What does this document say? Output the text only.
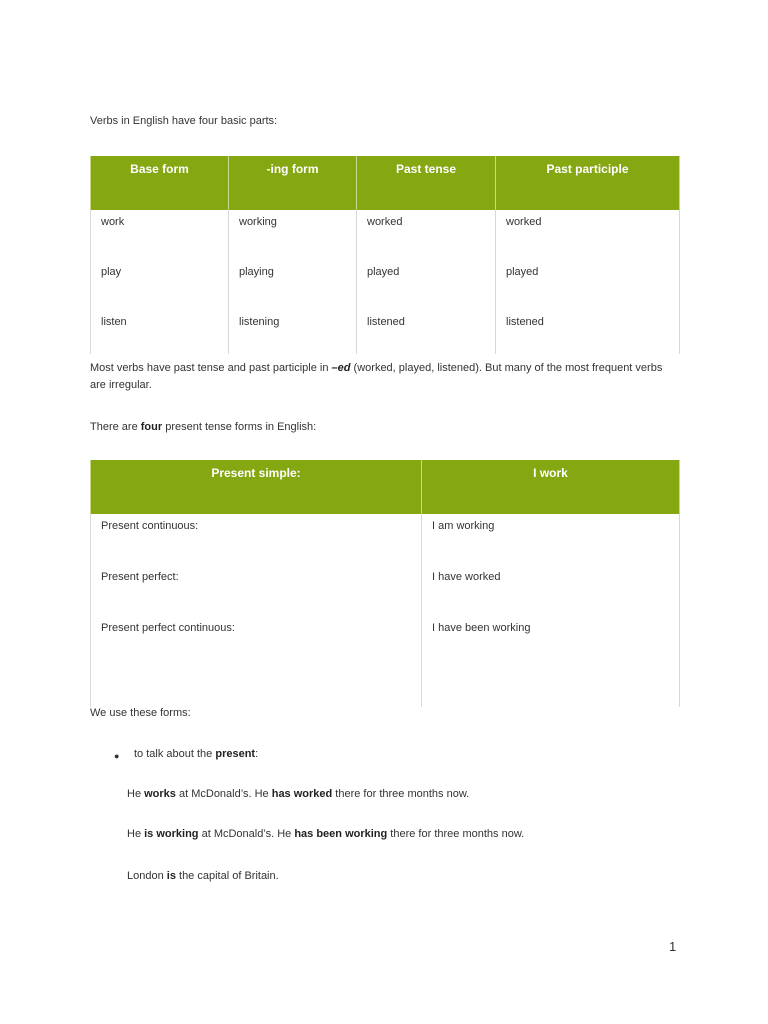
Verbs in English have four basic parts:
Base form	-ing form	Past tense	Past participle
work	working	worked	worked
play	playing	played	played
listen	listening	listened	listened
Most verbs have past tense and past participle in –ed (worked, played, listened). But many of the most frequent verbs are irregular.
There are four present tense forms in English:
Present simple:	I work
Present continuous:	I am working
Present perfect:	I have worked
Present perfect continuous:	I have been working

We use these forms:
● to talk about the present:
He works at McDonald’s. He has worked there for three months now.
He is working at McDonald’s. He has been working there for three months now.
London is the capital of Britain.
1
